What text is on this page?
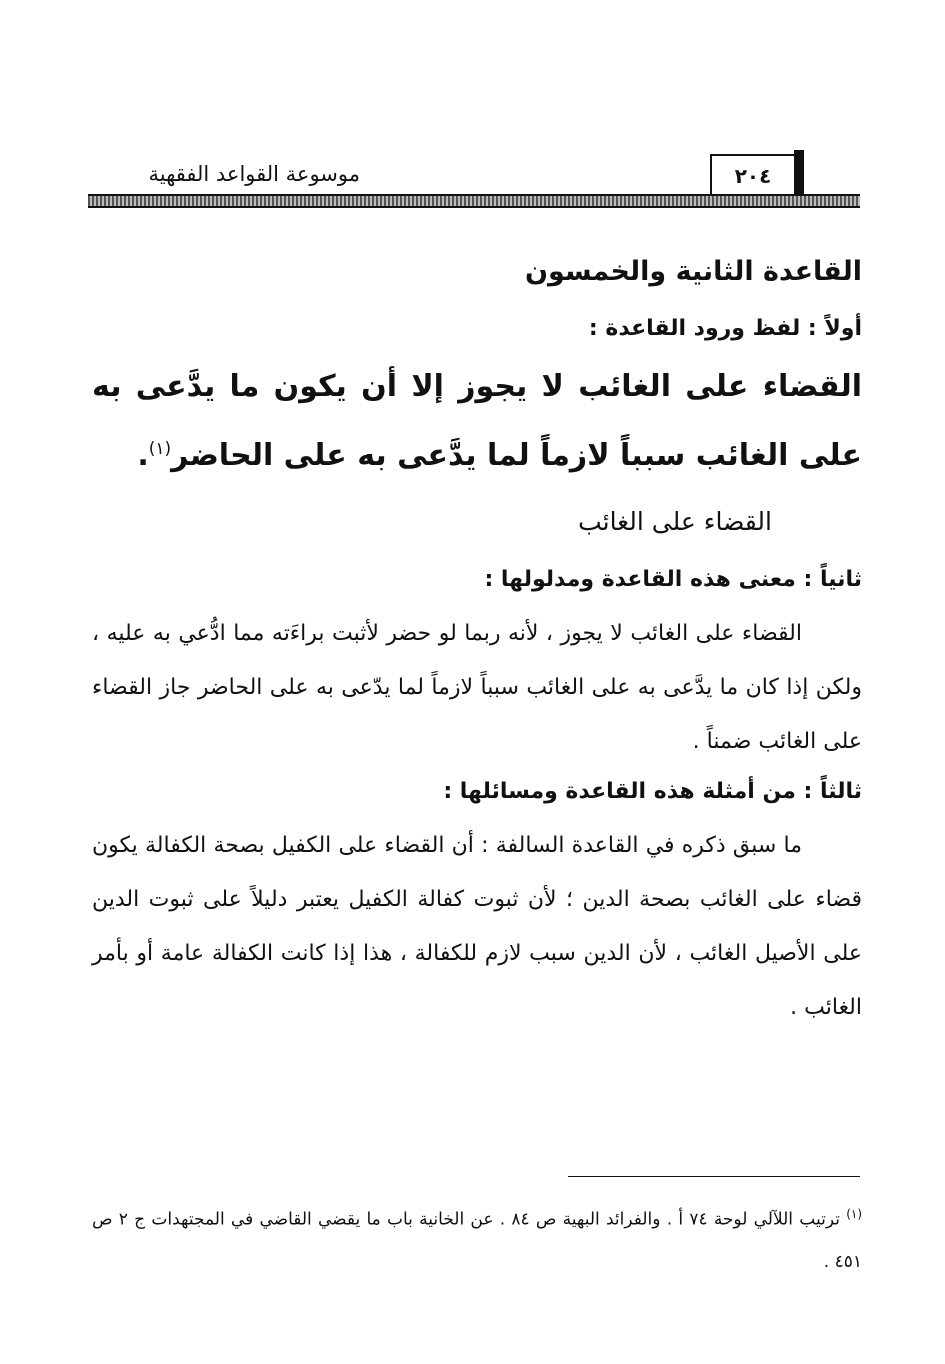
موسوعة القواعد الفقهية	٢٠٤
القاعدة الثانية والخمسون
أولاً : لفظ ورود القاعدة :
القضاء على الغائب لا يجوز إلا أن يكون ما يدَّعى به على الغائب سبباً لازماً لما يدَّعى به على الحاضر$^{(١)}$.
القضاء على الغائب
ثانياً : معنى هذه القاعدة ومدلولها :
القضاء على الغائب لا يجوز ، لأنه ربما لو حضر لأثبت براءَته مما ادُّعي به عليه ، ولكن إذا كان ما يدَّعى به على الغائب سبباً لازماً لما يدّعى به على الحاضر جاز القضاء على الغائب ضمناً .
ثالثاً : من أمثلة هذه القاعدة ومسائلها :
ما سبق ذكره في القاعدة السالفة : أن القضاء على الكفيل بصحة الكفالة يكون قضاء على الغائب بصحة الدين ؛ لأن ثبوت كفالة الكفيل يعتبر دليلاً على ثبوت الدين على الأصيل الغائب ، لأن الدين سبب لازم للكفالة ، هذا إذا كانت الكفالة عامة أو بأمر الغائب .
$^{(١)}$ ترتيب اللآلي لوحة ٧٤ أ . والفرائد البهية ص ٨٤ . عن الخانية باب ما يقضي القاضي في المجتهدات ج ٢ ص ٤٥١ .
